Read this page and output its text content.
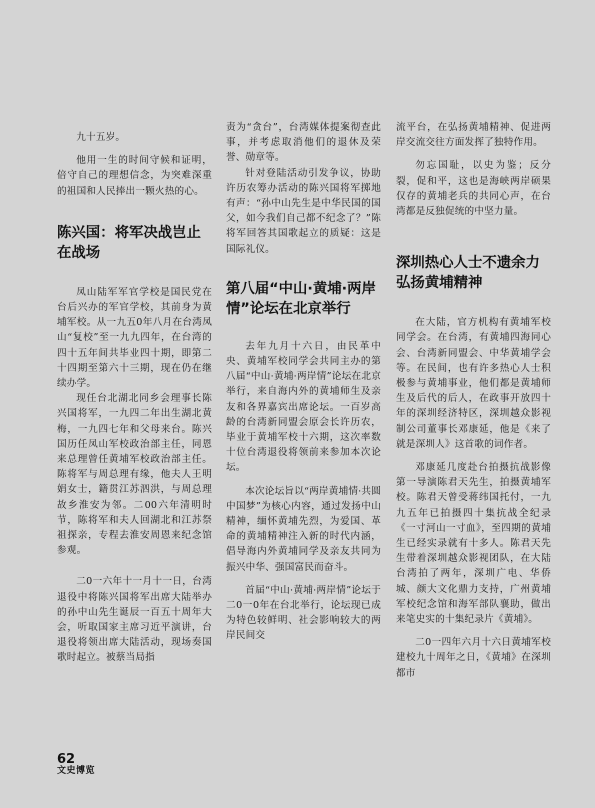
九十五岁。

他用一生的时间守候和证明，倍守自己的理想信念，为突难深重的祖国和人民捧出一颗火热的心。

陈兴国：将军决战岂止在战场

凤山陆军军官学校是国民党在台后兴办的军官学校，其前身为黄埔军校。从一九五0年八月在台湾凤山“复校”至一九九四年，在台湾的四十五年间共毕业四十期，即第二十四期至第六十三期，现在仍在继续办学。

现任台北湖北同乡会理事长陈兴国将军，一九四二年出生湖北黄梅，一九四七年和父母来台。陈兴国历任凤山军校政治部主任，同恩来总理曾任黄埔军校政治部主任。陈将军与周总理有缘，他夫人王明娟女士，籍贯江苏泗洪，与周总理故乡淮安为邻。二00六年清明时节，陈将军和夫人回湖北和江苏祭祖探亲，专程去淮安周恩来纪念馆参观。

二0一六年十一月十一日，台湾退役中将陈兴国将军出席大陆举办的孙中山先生诞辰一百五十周年大会，听取国家主席习近平演讲，台退役将领出席大陆活动，现场奏国歌时起立。被蔡当局指

责为“贪台”，台湾媒体提案彻查此事，并考虑取消他们的退休及荣誉、勋章等。

针对登陆活动引发争议，协助许历农筹办活动的陈兴国将军掷地有声：“孙中山先生是中华民国的国父，如今我们自己都不纪念了？”陈将军回答其国歌起立的质疑：这是国际礼仪。

第八届“中山·黄埔·两岸情”论坛在北京举行

去年九月十六日，由民革中央、黄埔军校同学会共同主办的第八届“中山·黄埔·两岸情”论坛在北京举行，来自海内外的黄埔师生及亲友和各界嘉宾出席论坛。一百岁高龄的台湾新同盟会原会长许历农，毕业于黄埔军校十六期，这次率数十位台湾退役将领前来参加本次论坛。

本次论坛旨以“两岸黄埔情·共圆中国梦”为核心内容，通过发扬中山精神，缅怀黄埔先烈，为爱国、革命的黄埔精神注入新的时代内涵，倡导海内外黄埔同学及亲友共同为振兴中华、强国富民而奋斗。

首届“中山·黄埔·两岸情”论坛于二0一0年在台北举行，论坛现已成为特色较鲜明、社会影响较大的两岸民间交

流平台，在弘扬黄埔精神、促进两岸交流交往方面发挥了独特作用。

勿忘国耻，以史为鉴；反分裂，促和平，这也是海峡两岸硕果仅存的黄埔老兵的共同心声，在台湾都是反独促统的中坚力量。

深圳热心人士不遗余力弘扬黄埔精神

在大陆，官方机构有黄埔军校同学会。在台湾，有黄埔四海同心会、台湾新同盟会、中华黄埔学会等。在民间，也有许多热心人士积极参与黄埔事业，他们都是黄埔师生及后代的后人，在政事开放四十年的深圳经济特区，深圳越众影视制公司董事长邓康延，他是《来了就是深圳人》这首歌的词作者。

邓康延几度赴台拍摄抗战影像第一导演陈君天先生，拍摄黄埔军校。陈君天曾受蒋纬国托付，一九九五年已拍摄四十集抗战全纪录《一寸河山一寸血》，至四期的黄埔生已经实录就有十多人。陈君天先生带着深圳越众影视团队，在大陆台湾拍了两年，深圳广电、华侨城、颜大文化鼎力支持，广州黄埔军校纪念馆和海军部队襄助，做出来笔史实的十集纪录片《黄埔》。

二0一四年六月十六日黄埔军校建校九十周年之日，《黄埔》在深圳都市

62
文史博览
